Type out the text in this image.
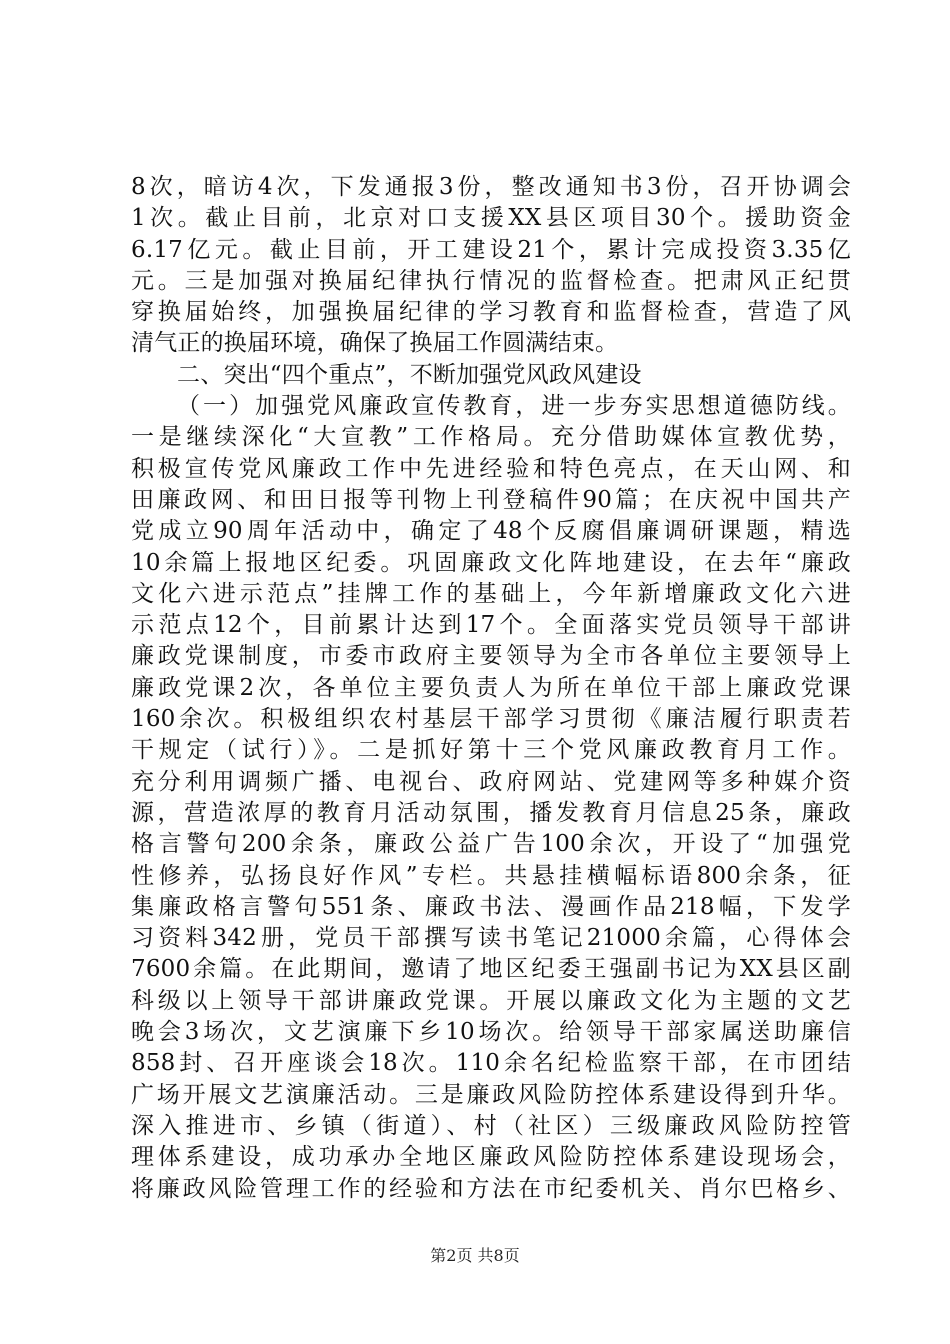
8次，暗访4次，下发通报3份，整改通知书3份，召开协调会
1次。截止目前，北京对口支援XX县区项目30个。援助资金
6.17亿元。截止目前，开工建设21个，累计完成投资3.35亿
元。三是加强对换届纪律执行情况的监督检查。把肃风正纪贯
穿换届始终，加强换届纪律的学习教育和监督检查，营造了风
清气正的换届环境，确保了换届工作圆满结束。
二、突出“四个重点”，不断加强党风政风建设
（一）加强党风廉政宣传教育，进一步夯实思想道德防线。
一是继续深化“大宣教”工作格局。充分借助媒体宣教优势，
积极宣传党风廉政工作中先进经验和特色亮点，在天山网、和
田廉政网、和田日报等刊物上刊登稿件90篇；在庆祝中国共产
党成立90周年活动中，确定了48个反腐倡廉调研课题，精选
10余篇上报地区纪委。巩固廉政文化阵地建设，在去年“廉政
文化六进示范点”挂牌工作的基础上，今年新增廉政文化六进
示范点12个，目前累计达到17个。全面落实党员领导干部讲
廉政党课制度，市委市政府主要领导为全市各单位主要领导上
廉政党课2次，各单位主要负责人为所在单位干部上廉政党课
160余次。积极组织农村基层干部学习贯彻《廉洁履行职责若
干规定（试行）》。二是抓好第十三个党风廉政教育月工作。
充分利用调频广播、电视台、政府网站、党建网等多种媒介资
源，营造浓厚的教育月活动氛围，播发教育月信息25条，廉政
格言警句200余条，廉政公益广告100余次，开设了“加强党
性修养，弘扬良好作风”专栏。共悬挂横幅标语800余条，征
集廉政格言警句551条、廉政书法、漫画作品218幅，下发学
习资料342册，党员干部撰写读书笔记21000余篇，心得体会
7600余篇。在此期间，邀请了地区纪委王强副书记为XX县区副
科级以上领导干部讲廉政党课。开展以廉政文化为主题的文艺
晚会3场次，文艺演廉下乡10场次。给领导干部家属送助廉信
858封、召开座谈会18次。110余名纪检监察干部，在市团结
广场开展文艺演廉活动。三是廉政风险防控体系建设得到升华。
深入推进市、乡镇（街道）、村（社区）三级廉政风险防控管
理体系建设，成功承办全地区廉政风险防控体系建设现场会，
将廉政风险管理工作的经验和方法在市纪委机关、肖尔巴格乡、
第2页 共8页
